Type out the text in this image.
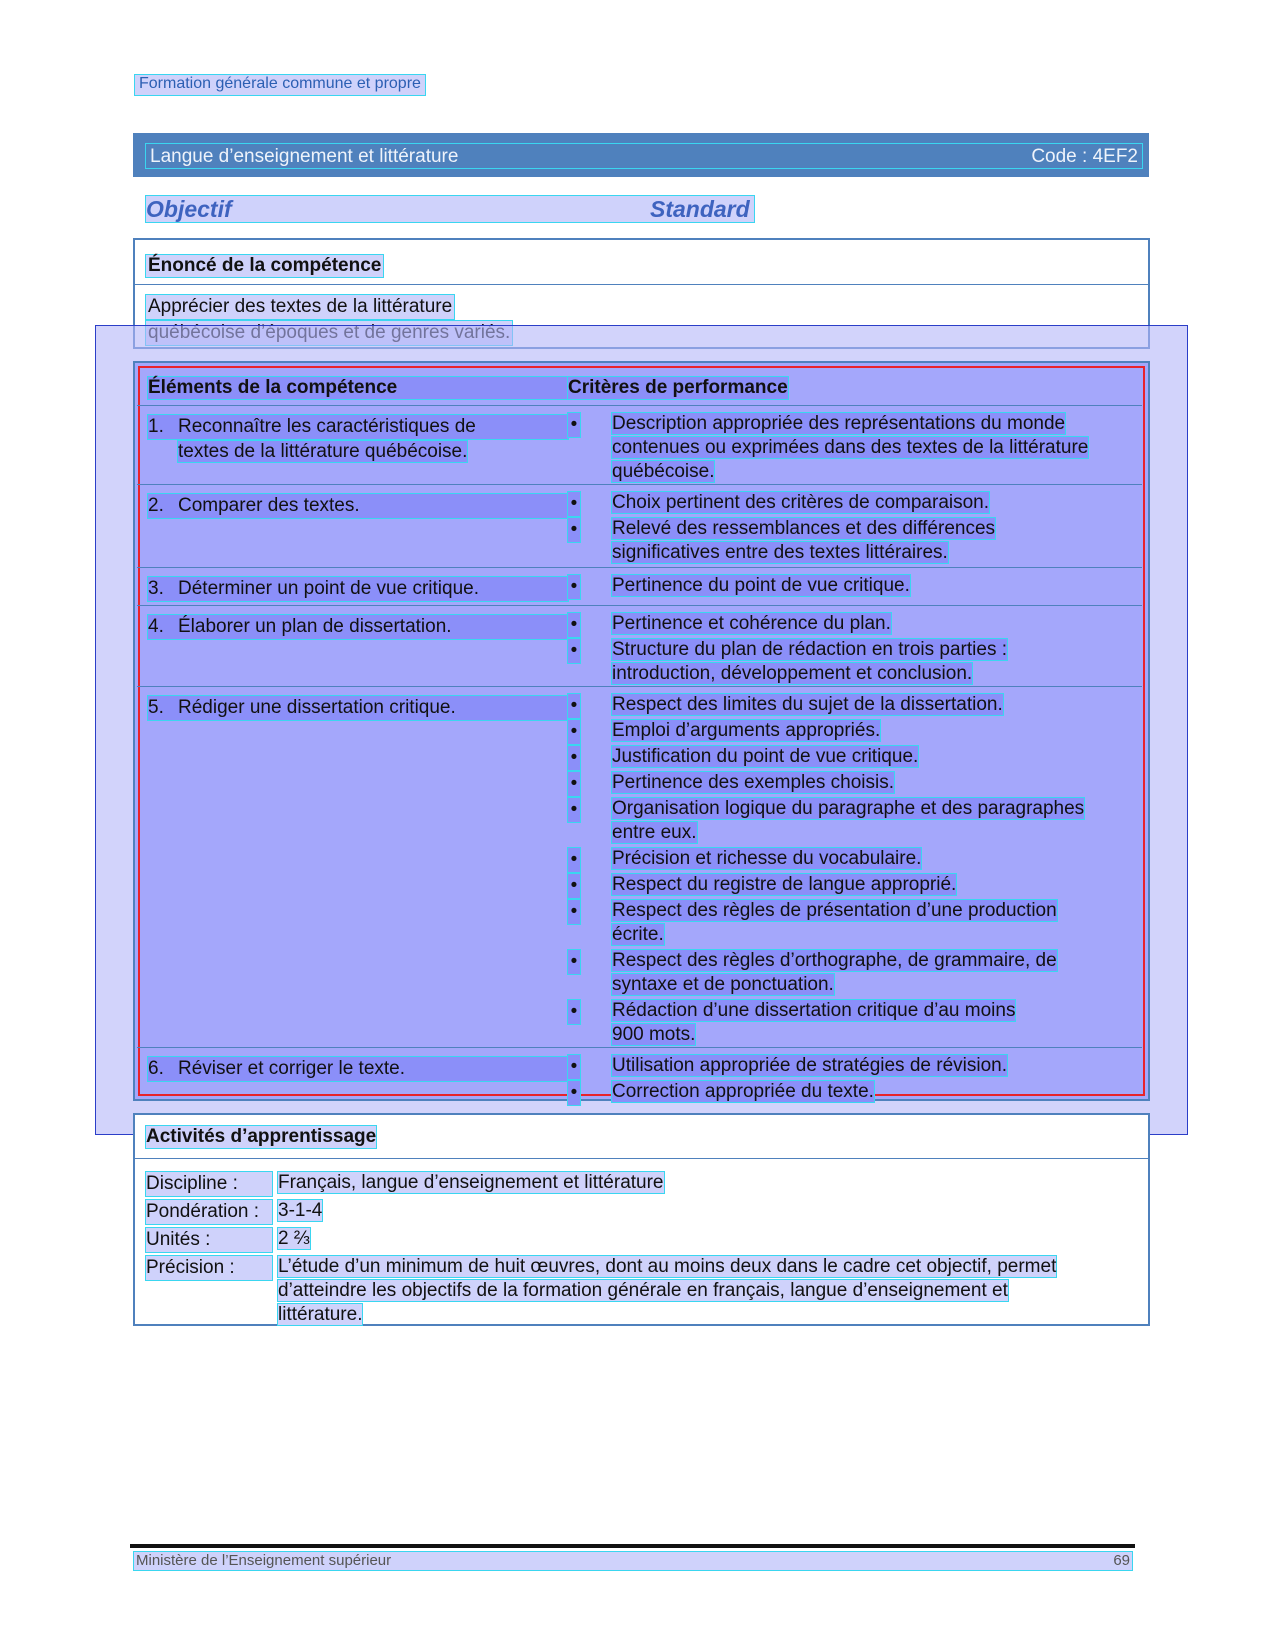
Formation générale commune et propre
Langue d’enseignement et littérature	Code : 4EF2
Objectif	Standard
Énoncé de la compétence
Apprécier des textes de la littérature

Éléments de la compétence	Critères de performance
1. Reconnaître les caractéristiques de
textes de la littérature québécoise.
• Description appropriée des représentations du monde
contenues ou exprimées dans des textes de la littérature
québécoise.
2. Comparer des textes.	• Choix pertinent des critères de comparaison.
• Relevé des ressemblances et des différences
significatives entre des textes littéraires.
3. Déterminer un point de vue critique.	• Pertinence du point de vue critique.
4. Élaborer un plan de dissertation.	• Pertinence et cohérence du plan.
• Structure du plan de rédaction en trois parties :
introduction, développement et conclusion.
5. Rédiger une dissertation critique.	• Respect des limites du sujet de la dissertation.
• Emploi d’arguments appropriés.
• Justification du point de vue critique.
• Pertinence des exemples choisis.
• Organisation logique du paragraphe et des paragraphes
entre eux.
• Précision et richesse du vocabulaire.
• Respect du registre de langue approprié.
• Respect des règles de présentation d’une production
écrite.
• Respect des règles d’orthographe, de grammaire, de
syntaxe et de ponctuation.
• Rédaction d’une dissertation critique d’au moins
900 mots.
6. Réviser et corriger le texte.	• Utilisation appropriée de stratégies de révision.
• Correction appropriée du texte.
Activités d’apprentissage
Discipline :	Français, langue d’enseignement et littérature
Pondération : 3-1-4
Unités :	2 ⅔
Précision :	L’étude d’un minimum de huit œuvres, dont au moins deux dans le cadre cet objectif, permet
d’atteindre les objectifs de la formation générale en français, langue d’enseignement et
littérature.
Ministère de l’Enseignement supérieur	69
